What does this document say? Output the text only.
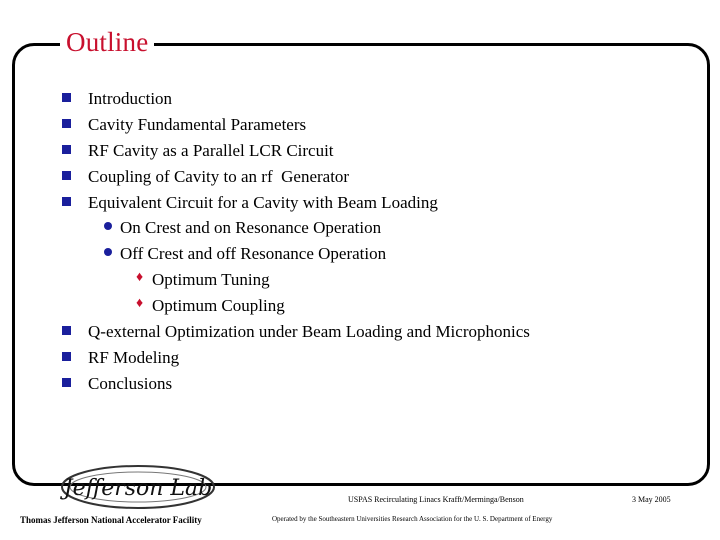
Outline
Introduction
Cavity Fundamental Parameters
RF Cavity as a Parallel LCR Circuit
Coupling of Cavity to an rf  Generator
Equivalent Circuit for a Cavity with Beam Loading
On Crest and on Resonance Operation
Off Crest and off Resonance Operation
♦ Optimum Tuning
♦ Optimum Coupling
Q-external Optimization under Beam Loading and Microphonics
RF Modeling
Conclusions
Jefferson Lab
Thomas Jefferson National Accelerator Facility
USPAS Recirculating Linacs Krafft/Merminga/Benson
Operated by the Southeastern Universities Research Association for the U. S. Department of Energy
3 May 2005
